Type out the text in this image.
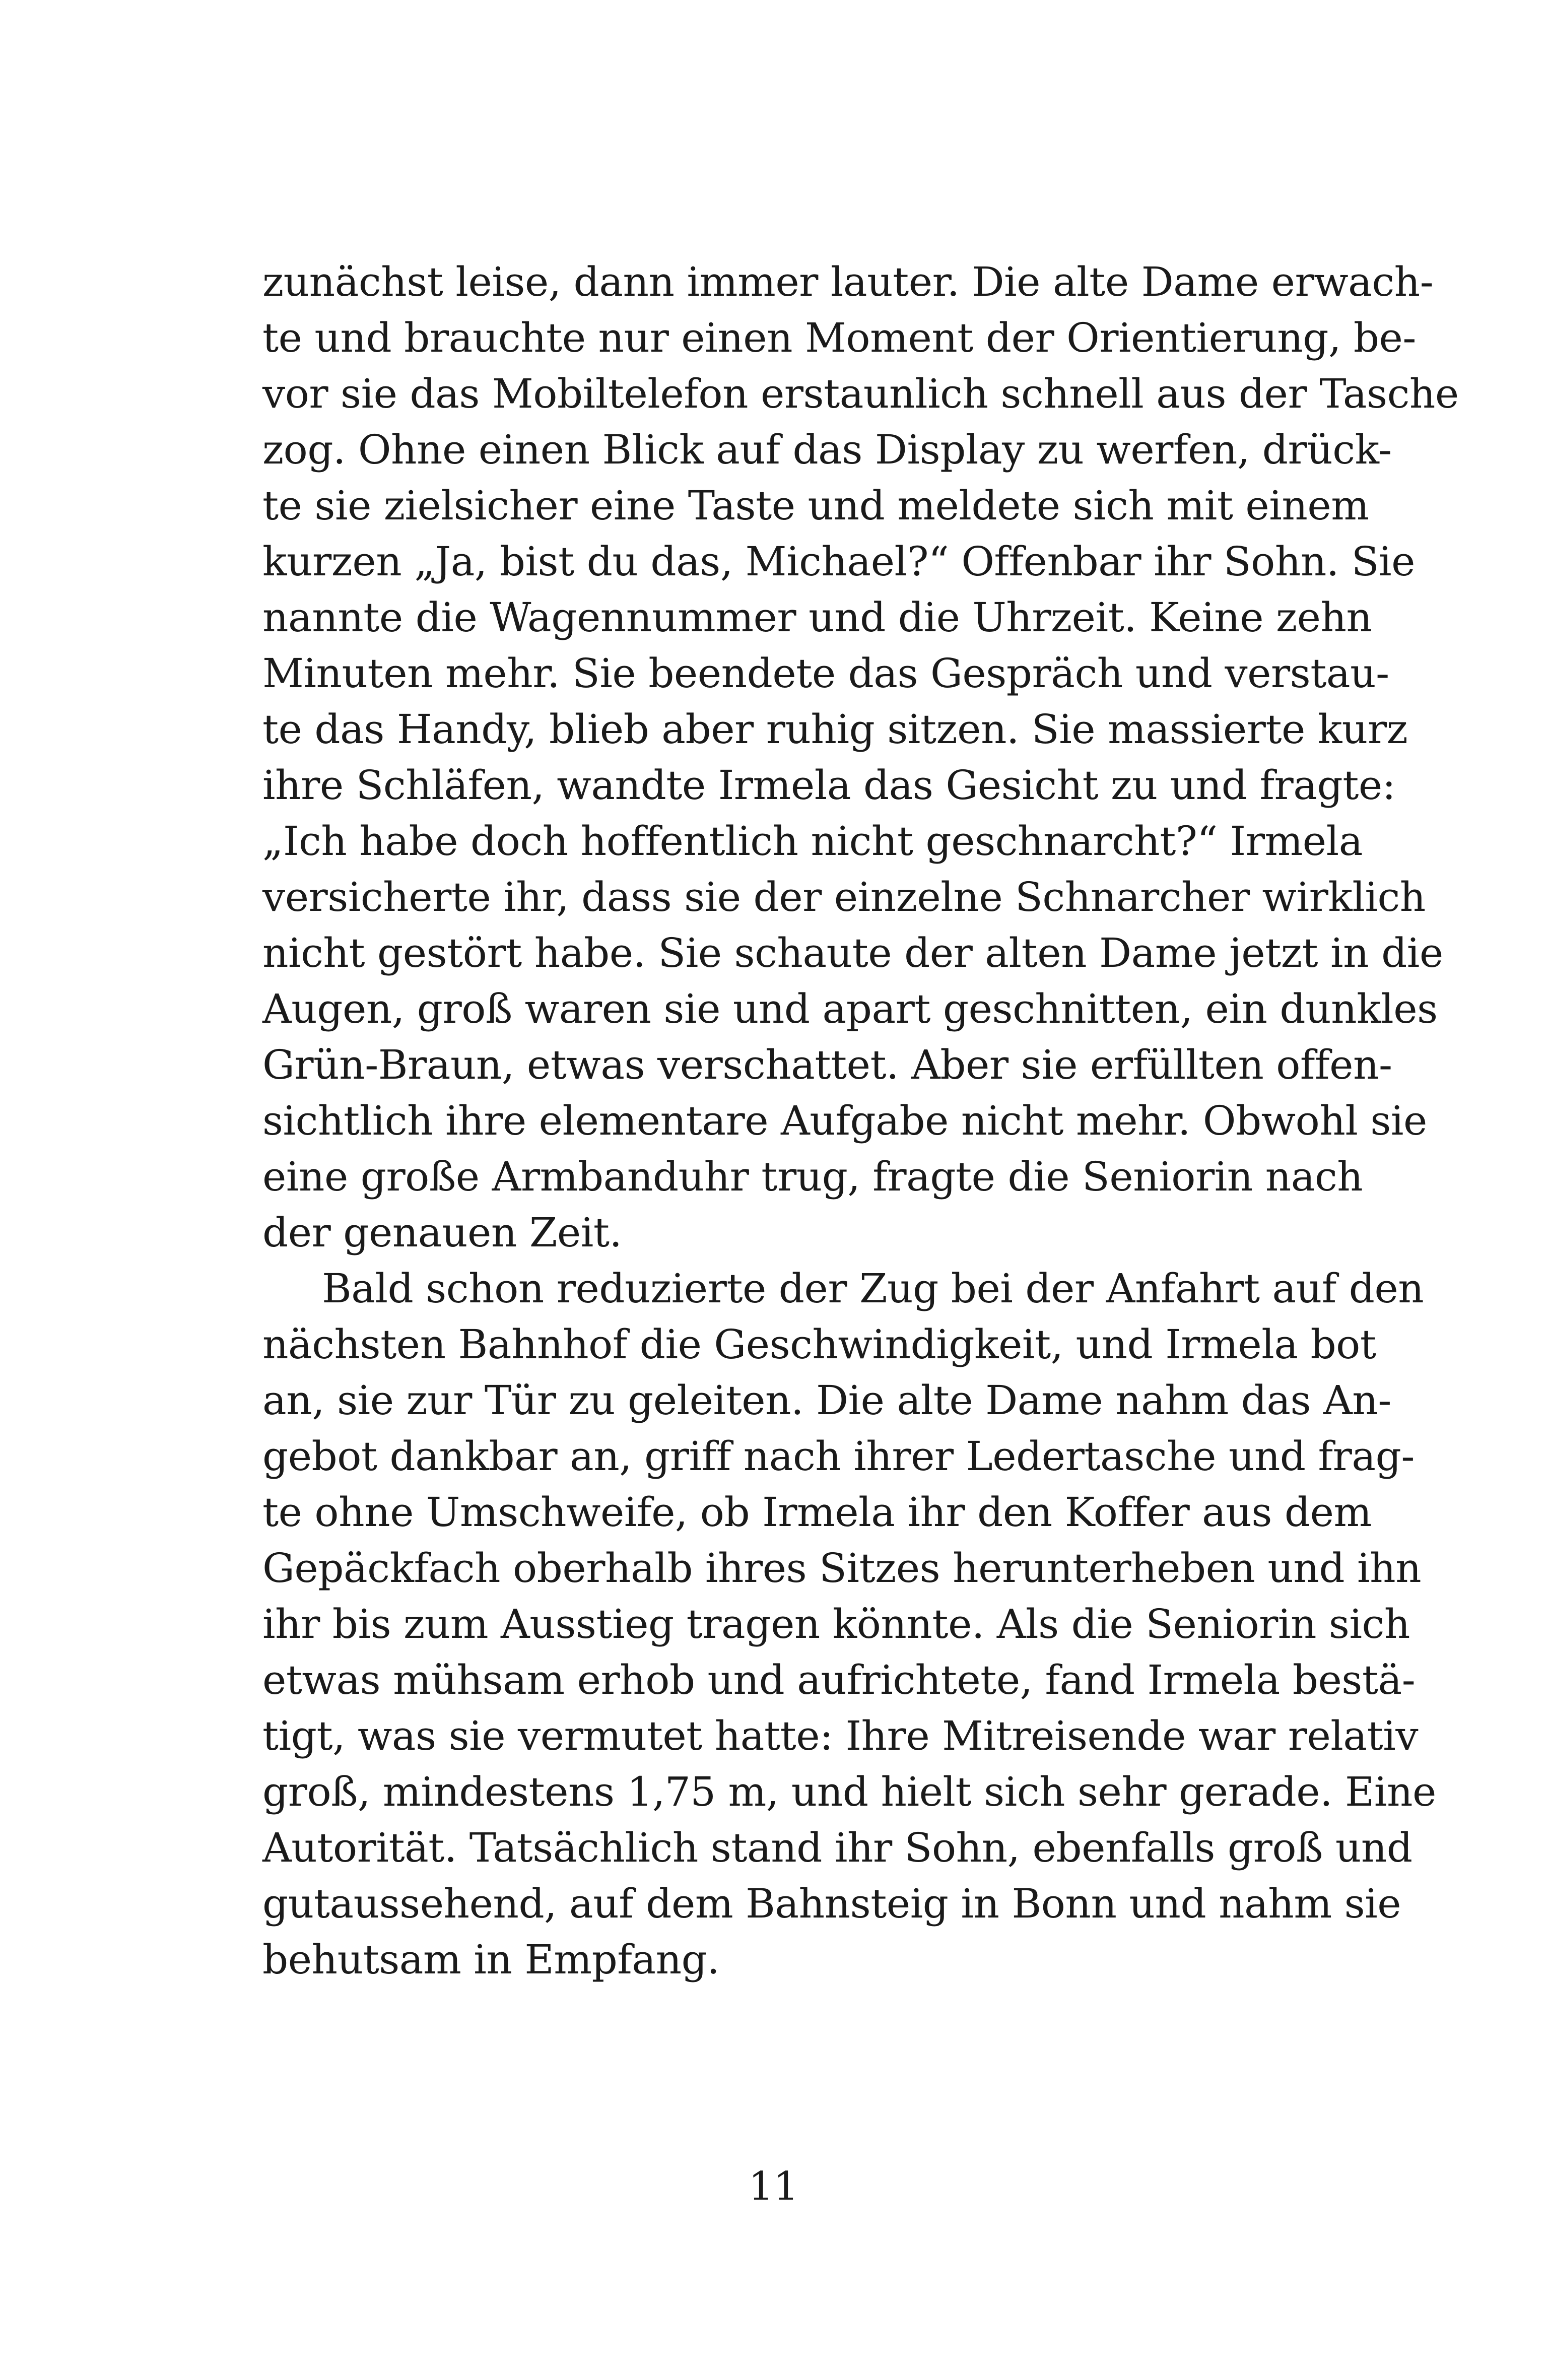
zunächst leise, dann immer lauter. Die alte Dame erwach-
te und brauchte nur einen Moment der Orientierung, be-
vor sie das Mobiltelefon erstaunlich schnell aus der Tasche
zog. Ohne einen Blick auf das Display zu werfen, drück-
te sie zielsicher eine Taste und meldete sich mit einem
kurzen „Ja, bist du das, Michael?“ Offenbar ihr Sohn. Sie
nannte die Wagennummer und die Uhrzeit. Keine zehn
Minuten mehr. Sie beendete das Gespräch und verstau-
te das Handy, blieb aber ruhig sitzen. Sie massierte kurz
ihre Schläfen, wandte Irmela das Gesicht zu und fragte:
„Ich habe doch hoffentlich nicht geschnarcht?“ Irmela
versicherte ihr, dass sie der einzelne Schnarcher wirklich
nicht gestört habe. Sie schaute der alten Dame jetzt in die
Augen, groß waren sie und apart geschnitten, ein dunkles
Grün-Braun, etwas verschattet. Aber sie erfüllten offen-
sichtlich ihre elementare Aufgabe nicht mehr. Obwohl sie
eine große Armbanduhr trug, fragte die Seniorin nach
der genauen Zeit.
Bald schon reduzierte der Zug bei der Anfahrt auf den
nächsten Bahnhof die Geschwindigkeit, und Irmela bot
an, sie zur Tür zu geleiten. Die alte Dame nahm das An-
gebot dankbar an, griff nach ihrer Ledertasche und frag-
te ohne Umschweife, ob Irmela ihr den Koffer aus dem
Gepäckfach oberhalb ihres Sitzes herunterheben und ihn
ihr bis zum Ausstieg tragen könnte. Als die Seniorin sich
etwas mühsam erhob und aufrichtete, fand Irmela bestä-
tigt, was sie vermutet hatte: Ihre Mitreisende war relativ
groß, mindestens 1,75 m, und hielt sich sehr gerade. Eine
Autorität. Tatsächlich stand ihr Sohn, ebenfalls groß und
gutaussehend, auf dem Bahnsteig in Bonn und nahm sie
behutsam in Empfang.
11
